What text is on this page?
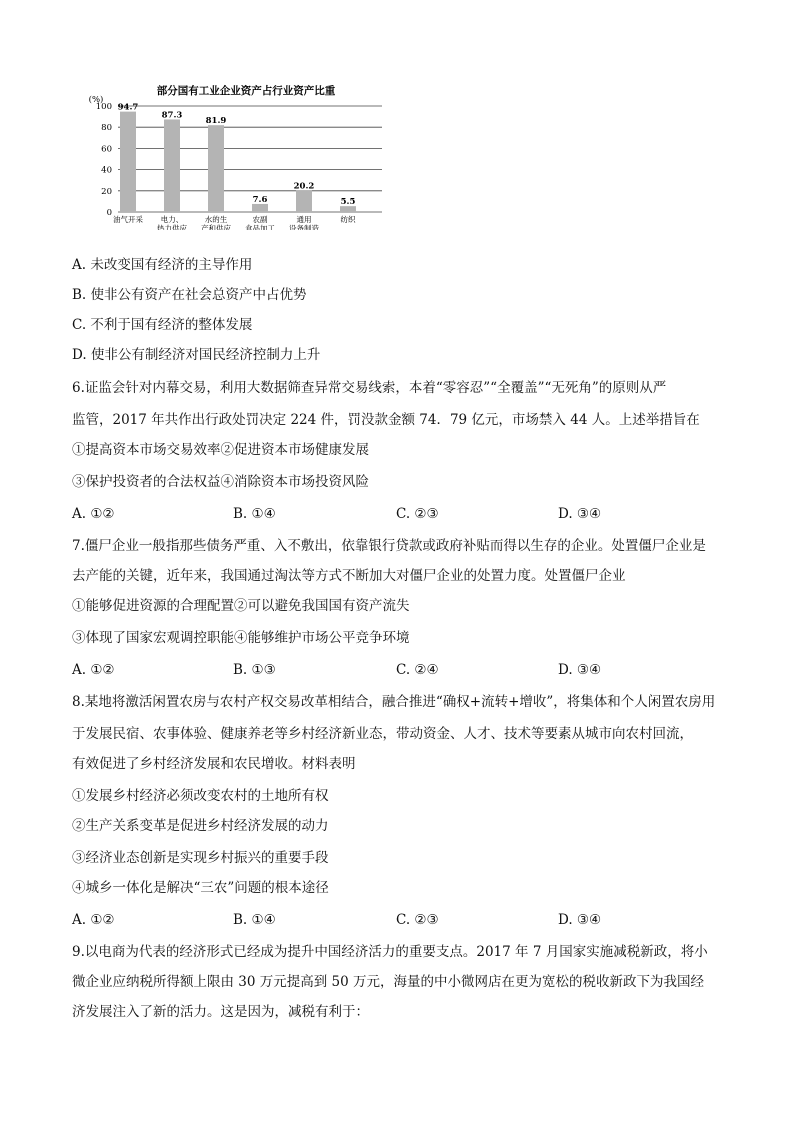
部分国有工业企业资产占行业资产比重
(%)
0
20
40
60
80
100 94.7
87.3
81.9
7.6
20.2
5.5
油气开采 电力、
热力供应
水的生
产和供应
农副
食品加工
通用
设备制造
纺织
A. 未改变国有经济的主导作用
B. 使非公有资产在社会总资产中占优势
C. 不利于国有经济的整体发展
D. 使非公有制经济对国民经济控制力上升
6.证监会针对内幕交易，利用大数据筛查异常交易线索，本着“零容忍”“全覆盖”“无死角”的原则从严
监管，2017 年共作出行政处罚决定 224 件，罚没款金额 74．79 亿元，市场禁入 44 人。上述举措旨在
①提高资本市场交易效率②促进资本市场健康发展
③保护投资者的合法权益④消除资本市场投资风险
A. ①②	B. ①④	C. ②③	D. ③④
7.僵尸企业一般指那些债务严重、入不敷出，依靠银行贷款或政府补贴而得以生存的企业。处置僵尸企业是
去产能的关键，近年来，我国通过淘汰等方式不断加大对僵尸企业的处置力度。处置僵尸企业
①能够促进资源的合理配置②可以避免我国国有资产流失
③体现了国家宏观调控职能④能够维护市场公平竞争环境
A. ①②	B. ①③	C. ②④	D. ③④
8.某地将激活闲置农房与农村产权交易改革相结合，融合推进“确权+流转+增收”，将集体和个人闲置农房用
于发展民宿、农事体验、健康养老等乡村经济新业态，带动资金、人才、技术等要素从城市向农村回流，
有效促进了乡村经济发展和农民增收。材料表明
①发展乡村经济必须改变农村的土地所有权
②生产关系变革是促进乡村经济发展的动力
③经济业态创新是实现乡村振兴的重要手段
④城乡一体化是解决“三农”问题的根本途径
A. ①②	B. ①④	C. ②③	D. ③④
9.以电商为代表的经济形式已经成为提升中国经济活力的重要支点。2017 年 7 月国家实施减税新政，将小
微企业应纳税所得额上限由 30 万元提高到 50 万元，海量的中小微网店在更为宽松的税收新政下为我国经
济发展注入了新的活力。这是因为，减税有利于：
